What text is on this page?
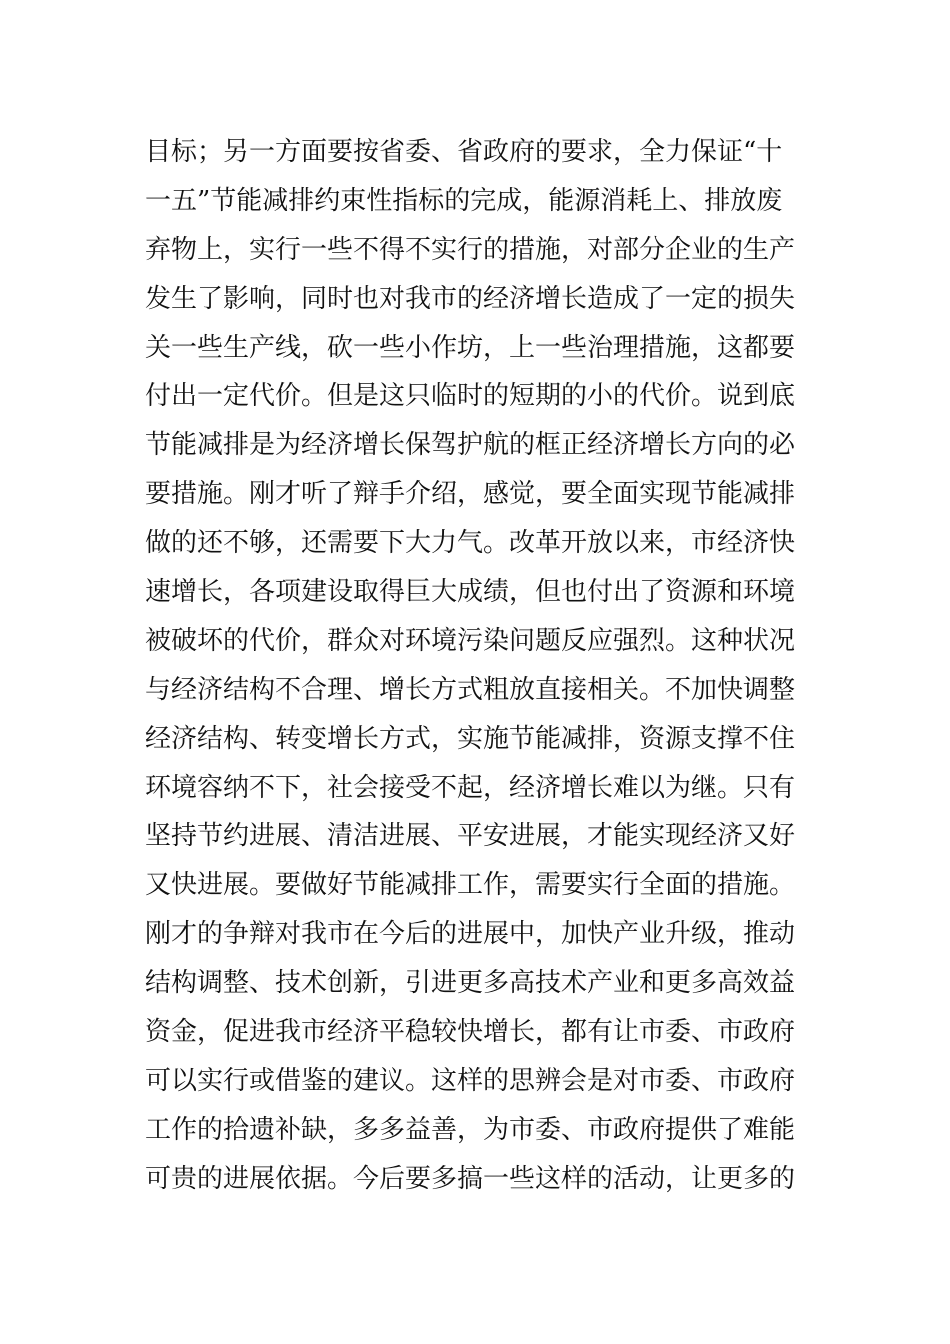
目标；另一方面要按省委、省政府的要求，全力保证“十
一五”节能减排约束性指标的完成，能源消耗上、排放废
弃物上，实行一些不得不实行的措施，对部分企业的生产
发生了影响，同时也对我市的经济增长造成了一定的损失
关一些生产线，砍一些小作坊，上一些治理措施，这都要
付出一定代价。但是这只临时的短期的小的代价。说到底
节能减排是为经济增长保驾护航的框正经济增长方向的必
要措施。刚才听了辩手介绍，感觉，要全面实现节能减排
做的还不够，还需要下大力气。改革开放以来，市经济快
速增长，各项建设取得巨大成绩，但也付出了资源和环境
被破坏的代价，群众对环境污染问题反应强烈。这种状况
与经济结构不合理、增长方式粗放直接相关。不加快调整
经济结构、转变增长方式，实施节能减排，资源支撑不住
环境容纳不下，社会接受不起，经济增长难以为继。只有
坚持节约进展、清洁进展、平安进展，才能实现经济又好
又快进展。要做好节能减排工作，需要实行全面的措施。
刚才的争辩对我市在今后的进展中，加快产业升级，推动
结构调整、技术创新，引进更多高技术产业和更多高效益
资金，促进我市经济平稳较快增长，都有让市委、市政府
可以实行或借鉴的建议。这样的思辨会是对市委、市政府
工作的拾遗补缺，多多益善，为市委、市政府提供了难能
可贵的进展依据。今后要多搞一些这样的活动，让更多的
